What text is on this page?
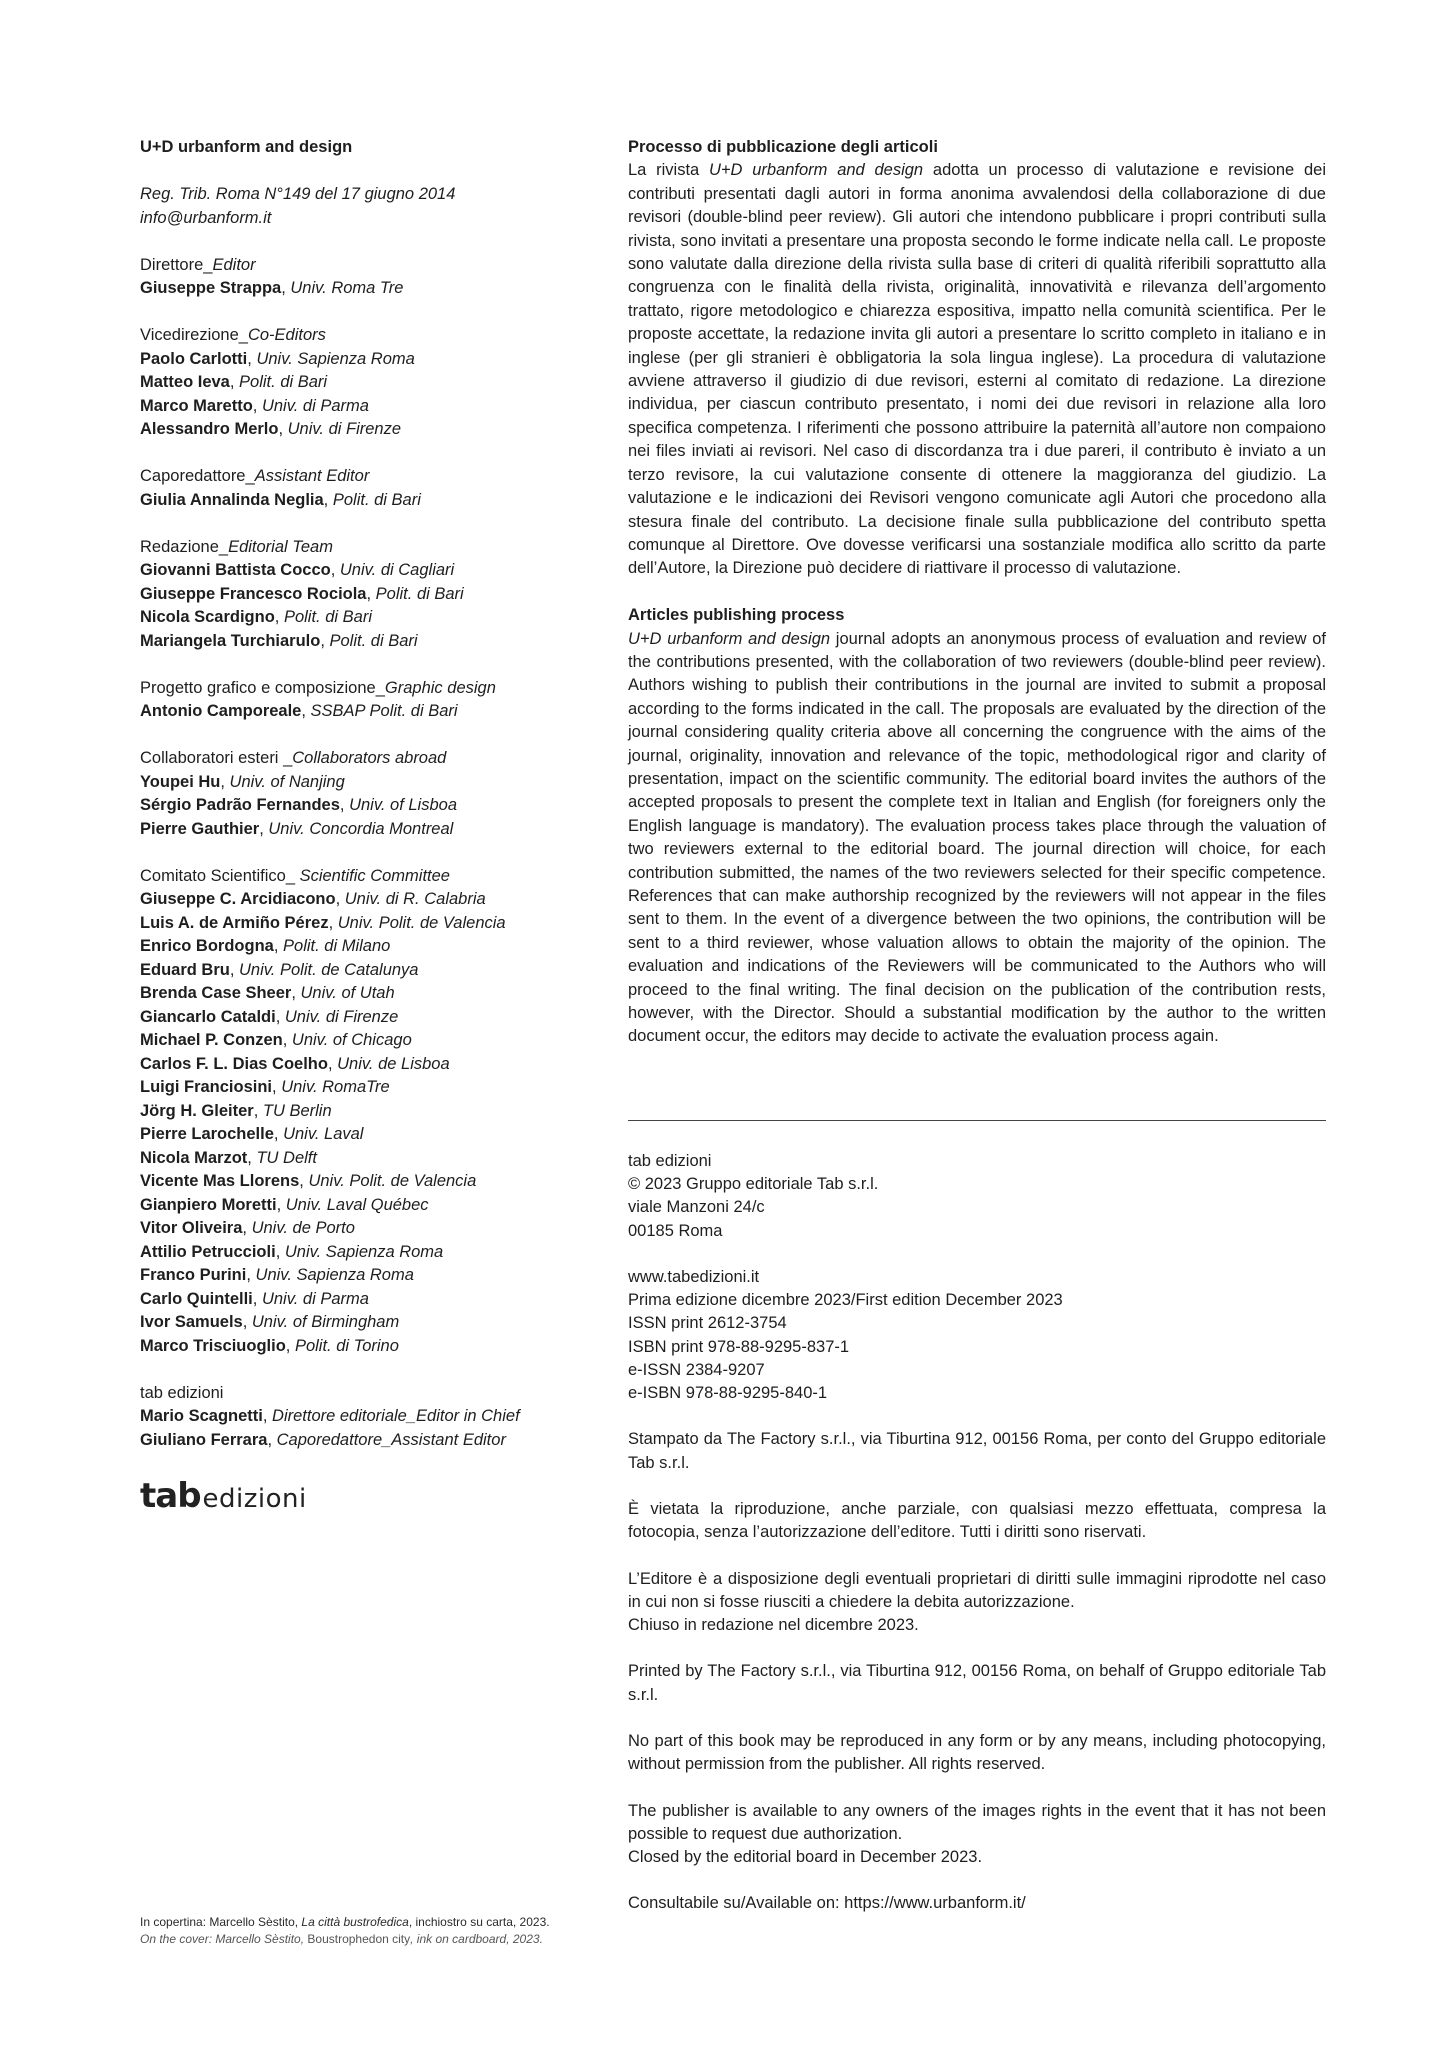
U+D urbanform and design
Reg. Trib. Roma N°149 del 17 giugno 2014
info@urbanform.it
Direttore_Editor
Giuseppe Strappa, Univ. Roma Tre
Vicedirezione_Co-Editors
Paolo Carlotti, Univ. Sapienza Roma
Matteo Ieva, Polit. di Bari
Marco Maretto, Univ. di Parma
Alessandro Merlo, Univ. di Firenze
Caporedattore_Assistant Editor
Giulia Annalinda Neglia, Polit. di Bari
Redazione_Editorial Team
Giovanni Battista Cocco, Univ. di Cagliari
Giuseppe Francesco Rociola, Polit. di Bari
Nicola Scardigno, Polit. di Bari
Mariangela Turchiarulo, Polit. di Bari
Progetto grafico e composizione_Graphic design
Antonio Camporeale, SSBAP Polit. di Bari
Collaboratori esteri _Collaborators abroad
Youpei Hu, Univ. of Nanjing
Sérgio Padrão Fernandes, Univ. of Lisboa
Pierre Gauthier, Univ. Concordia Montreal
Comitato Scientifico_ Scientific Committee
Giuseppe C. Arcidiacono, Univ. di R. Calabria
Luis A. de Armiño Pérez, Univ. Polit. de Valencia
Enrico Bordogna, Polit. di Milano
Eduard Bru, Univ. Polit. de Catalunya
Brenda Case Sheer, Univ. of Utah
Giancarlo Cataldi, Univ. di Firenze
Michael P. Conzen, Univ. of Chicago
Carlos F. L. Dias Coelho, Univ. de Lisboa
Luigi Franciosini, Univ. RomaTre
Jörg H. Gleiter, TU Berlin
Pierre Larochelle, Univ. Laval
Nicola Marzot, TU Delft
Vicente Mas Llorens, Univ. Polit. de Valencia
Gianpiero Moretti, Univ. Laval Québec
Vitor Oliveira, Univ. de Porto
Attilio Petruccioli, Univ. Sapienza Roma
Franco Purini, Univ. Sapienza Roma
Carlo Quintelli, Univ. di Parma
Ivor Samuels, Univ. of Birmingham
Marco Trisciuoglio, Polit. di Torino
tab edizioni
Mario Scagnetti, Direttore editoriale_Editor in Chief
Giuliano Ferrara, Caporedattore_Assistant Editor
tab edizioni
In copertina: Marcello Sèstito, La città bustrofedica, inchiostro su carta, 2023.
On the cover: Marcello Sèstito, Boustrophedon city, ink on cardboard, 2023.
Processo di pubblicazione degli articoli

La rivista U+D urbanform and design adotta un processo di valutazione e revisione dei contributi presentati dagli autori in forma anonima avvalendosi della collaborazione di due revisori (double-blind peer review). Gli autori che intendono pubblicare i propri contributi sulla rivista, sono invitati a presentare una proposta secondo le forme indicate nella call. Le proposte sono valutate dalla direzione della rivista sulla base di criteri di qualità riferibili soprattutto alla congruenza con le finalità della rivista, originalità, innovatività e rilevanza dell’argomento trattato, rigore metodologico e chiarezza espositiva, impatto nella comunità scientifica. Per le proposte accettate, la redazione invita gli autori a presentare lo scritto completo in italiano e in inglese (per gli stranieri è obbligatoria la sola lingua inglese). La procedura di valutazione avviene attraverso il giudizio di due revisori, esterni al comitato di redazione. La direzione individua, per ciascun contributo presentato, i nomi dei due revisori in relazione alla loro specifica competenza. I riferimenti che possono attribuire la paternità all’autore non compaiono nei files inviati ai revisori. Nel caso di discordanza tra i due pareri, il contributo è inviato a un terzo revisore, la cui valutazione consente di ottenere la maggioranza del giudizio. La valutazione e le indicazioni dei Revisori vengono comunicate agli Autori che procedono alla stesura finale del contributo. La decisione finale sulla pubblicazione del contributo spetta comunque al Direttore. Ove dovesse verificarsi una sostanziale modifica allo scritto da parte dell’Autore, la Direzione può decidere di riattivare il processo di valutazione.

Articles publishing process

U+D urbanform and design journal adopts an anonymous process of evaluation and review of the contributions presented, with the collaboration of two reviewers (double-blind peer review). Authors wishing to publish their contributions in the journal are invited to submit a proposal according to the forms indicated in the call. The proposals are evaluated by the direction of the journal considering quality criteria above all concerning the congruence with the aims of the journal, originality, innovation and relevance of the topic, methodological rigor and clarity of presentation, impact on the scientific community. The editorial board invites the authors of the accepted proposals to present the complete text in Italian and English (for foreigners only the English language is mandatory). The evaluation process takes place through the valuation of two reviewers external to the editorial board. The journal direction will choice, for each contribution submitted, the names of the two reviewers selected for their specific competence. References that can make authorship recognized by the reviewers will not appear in the files sent to them. In the event of a divergence between the two opinions, the contribution will be sent to a third reviewer, whose valuation allows to obtain the majority of the opinion. The evaluation and indications of the Reviewers will be communicated to the Authors who will proceed to the final writing. The final decision on the publication of the contribution rests, however, with the Director. Should a substantial modification by the author to the written document occur, the editors may decide to activate the evaluation process again.

tab edizioni
© 2023 Gruppo editoriale Tab s.r.l.
viale Manzoni 24/c
00185 Roma
www.tabedizioni.it
Prima edizione dicembre 2023/First edition December 2023
ISSN print 2612-3754
ISBN print 978-88-9295-837-1
e-ISSN 2384-9207
e-ISBN 978-88-9295-840-1

Stampato da The Factory s.r.l., via Tiburtina 912, 00156 Roma, per conto del Gruppo editoriale Tab s.r.l.

È vietata la riproduzione, anche parziale, con qualsiasi mezzo effettuata, compresa la fotocopia, senza l’autorizzazione dell’editore. Tutti i diritti sono riservati.

L’Editore è a disposizione degli eventuali proprietari di diritti sulle immagini riprodotte nel caso in cui non si fosse riusciti a chiedere la debita autorizzazione.

Chiuso in redazione nel dicembre 2023.

Printed by The Factory s.r.l., via Tiburtina 912, 00156 Roma, on behalf of Gruppo editoriale Tab s.r.l.

No part of this book may be reproduced in any form or by any means, including photocopying, without permission from the publisher. All rights reserved.

The publisher is available to any owners of the images rights in the event that it has not been possible to request due authorization.

Closed by the editorial board in December 2023.
Consultabile su/Available on: https://www.urbanform.it/
